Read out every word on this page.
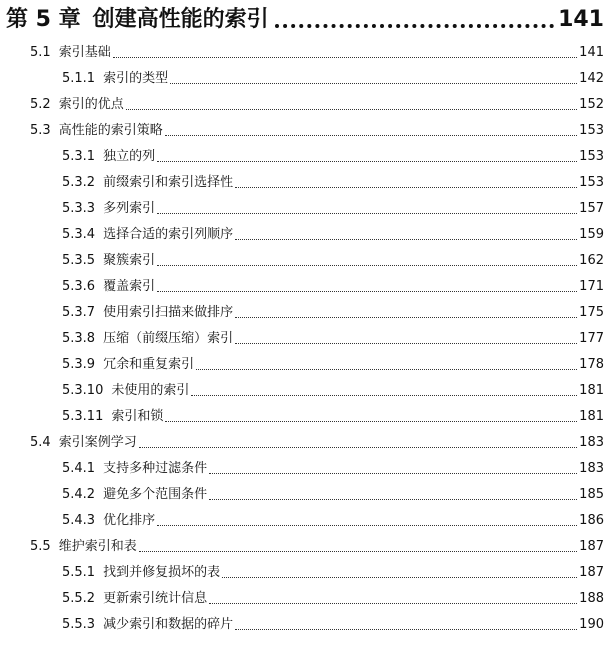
第 5 章 创建高性能的索引	141
5.1 索引基础	141
5.1.1 索引的类型	142
5.2 索引的优点	152
5.3 高性能的索引策略	153
5.3.1 独立的列	153
5.3.2 前缀索引和索引选择性	153
5.3.3 多列索引	157
5.3.4 选择合适的索引列顺序	159
5.3.5 聚簇索引	162
5.3.6 覆盖索引	171
5.3.7 使用索引扫描来做排序	175
5.3.8 压缩（前缀压缩）索引	177
5.3.9 冗余和重复索引	178
5.3.10 未使用的索引	181
5.3.11 索引和锁	181
5.4 索引案例学习	183
5.4.1 支持多种过滤条件	183
5.4.2 避免多个范围条件	185
5.4.3 优化排序	186
5.5 维护索引和表	187
5.5.1 找到并修复损坏的表	187
5.5.2 更新索引统计信息	188
5.5.3 减少索引和数据的碎片	190
